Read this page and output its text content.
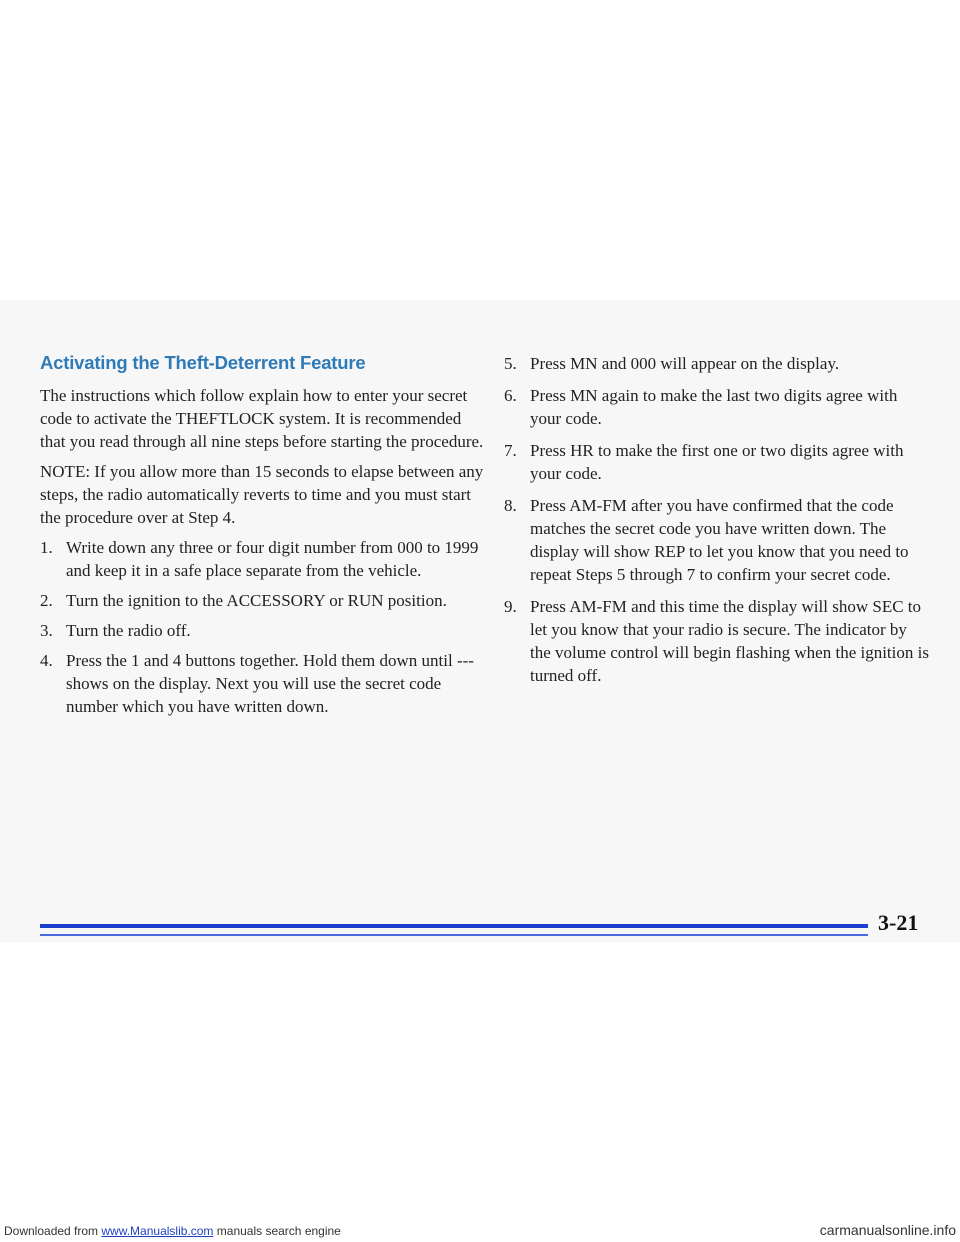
Activating the Theft-Deterrent Feature

The instructions which follow explain how to enter your secret code to activate the THEFTLOCK system. It is recommended that you read through all nine steps before starting the procedure.

NOTE: If you allow more than 15 seconds to elapse between any steps, the radio automatically reverts to time and you must start the procedure over at Step 4.

1. Write down any three or four digit number from 000 to 1999 and keep it in a safe place separate from the vehicle.
2. Turn the ignition to the ACCESSORY or RUN position.
3. Turn the radio off.
4. Press the 1 and 4 buttons together. Hold them down until --- shows on the display. Next you will use the secret code number which you have written down.
5. Press MN and 000 will appear on the display.
6. Press MN again to make the last two digits agree with your code.
7. Press HR to make the first one or two digits agree with your code.
8. Press AM-FM after you have confirmed that the code matches the secret code you have written down. The display will show REP to let you know that you need to repeat Steps 5 through 7 to confirm your secret code.
9. Press AM-FM and this time the display will show SEC to let you know that your radio is secure. The indicator by the volume control will begin flashing when the ignition is turned off.
3-21
Downloaded from www.Manualslib.com manuals search engine	carmanualsonline.info
